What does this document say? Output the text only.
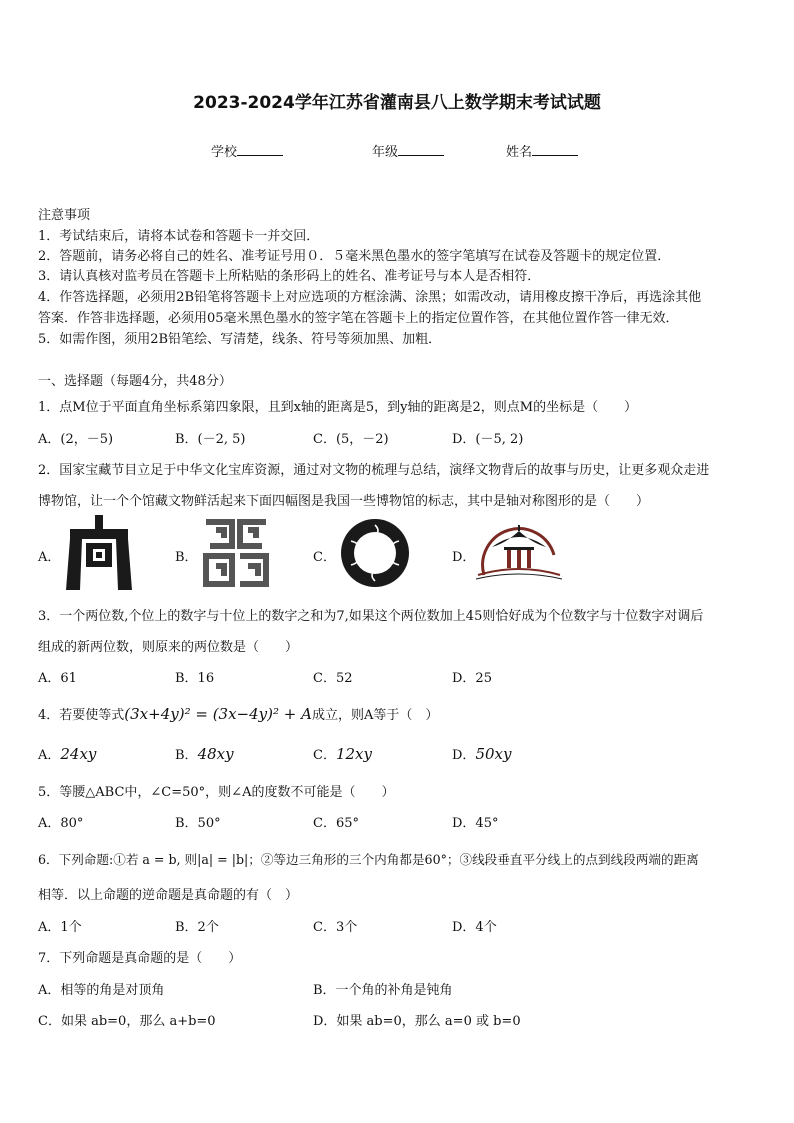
2023-2024学年江苏省灌南县八上数学期末考试试题
学校	年级	姓名
注意事项
1．考试结束后，请将本试卷和答题卡一并交回．
2．答题前，请务必将自己的姓名、准考证号用０．５毫米黑色墨水的签字笔填写在试卷及答题卡的规定位置．
3．请认真核对监考员在答题卡上所粘贴的条形码上的姓名、准考证号与本人是否相符．
4．作答选择题，必须用2B铅笔将答题卡上对应选项的方框涂满、涂黑；如需改动，请用橡皮擦干净后，再选涂其他
答案．作答非选择题，必须用05毫米黑色墨水的签字笔在答题卡上的指定位置作答，在其他位置作答一律无效．
5．如需作图，须用2B铅笔绘、写清楚，线条、符号等须加黑、加粗．
一、选择题（每题4分，共48分）
1．点M位于平面直角坐标系第四象限，且到x轴的距离是5，到y轴的距离是2，则点M的坐标是（　　）
A．(2，－5)	B．(－2, 5)	C．(5，－2)	D．(－5, 2)
2．国家宝藏节目立足于中华文化宝库资源，通过对文物的梳理与总结，演绎文物背后的故事与历史，让更多观众走进
博物馆，让一个个馆藏文物鲜活起来下面四幅图是我国一些博物馆的标志，其中是轴对称图形的是（　　）
A．	B．	C．	D．
3．一个两位数,个位上的数字与十位上的数字之和为7,如果这个两位数加上45则恰好成为个位数字与十位数字对调后
组成的新两位数，则原来的两位数是（　　）
A．61	B．16	C．52	D．25
4．若要使等式(3x+4y)² = (3x−4y)² + A成立，则A等于（　）
A．24xy	B．48xy	C．12xy	D．50xy
5．等腰△ABC中，∠C=50°，则∠A的度数不可能是（　　）
A．80°	B．50°	C．65°	D．45°
6．下列命题:①若 a = b, 则|a| = |b|；②等边三角形的三个内角都是60°；③线段垂直平分线上的点到线段两端的距离
相等．以上命题的逆命题是真命题的有（　）
A．1个	B．2个	C．3个	D．4个
7．下列命题是真命题的是（　　）
A．相等的角是对顶角	B．一个角的补角是钝角
C．如果 ab=0，那么 a+b=0	D．如果 ab=0，那么 a=0 或 b=0
